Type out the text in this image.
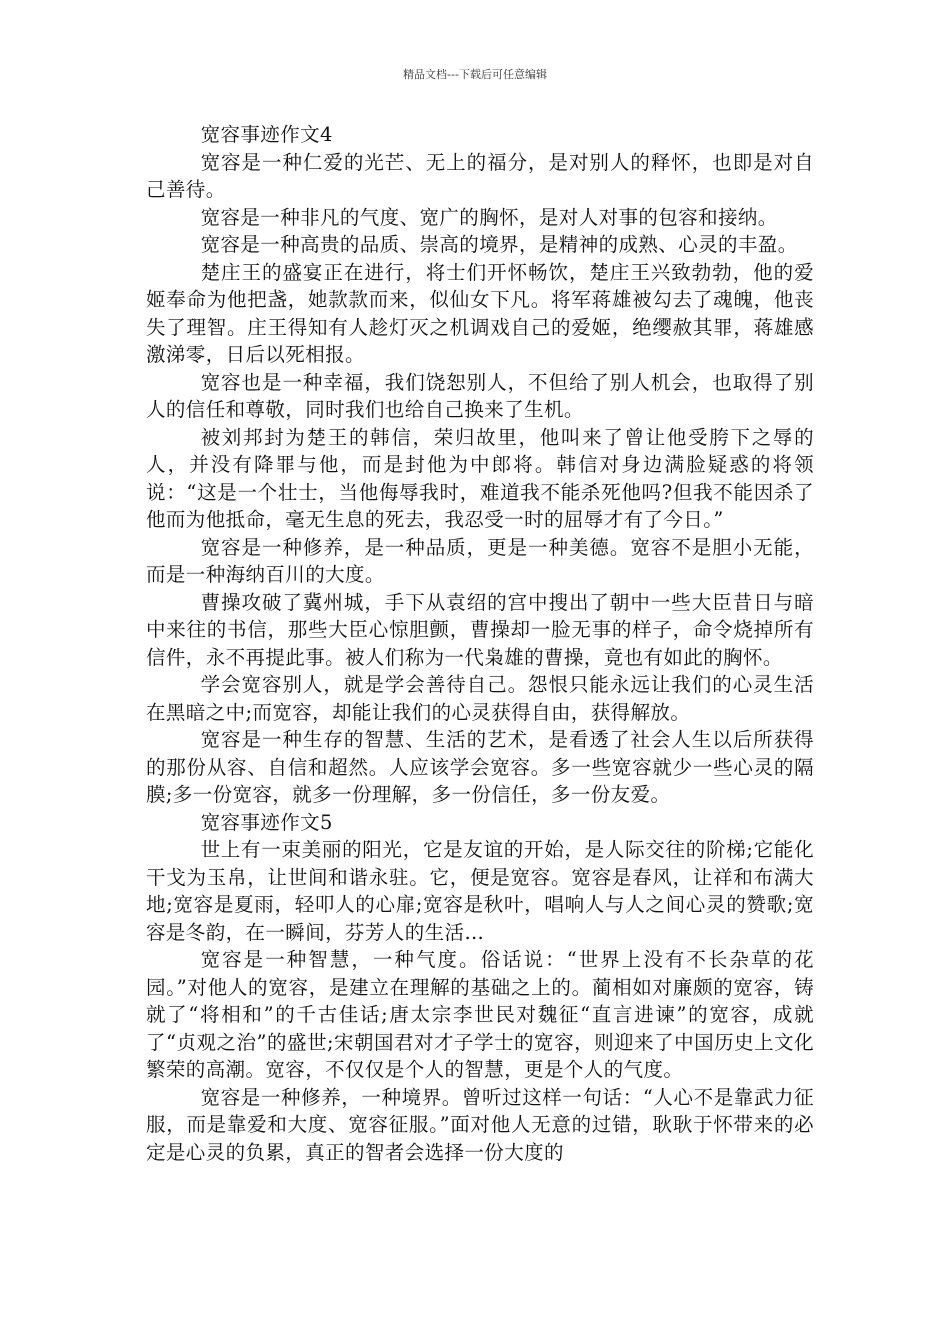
精品文档---下载后可任意编辑

宽容事迹作文4

宽容是一种仁爱的光芒、无上的福分，是对别人的释怀，也即是对自己善待。

宽容是一种非凡的气度、宽广的胸怀，是对人对事的包容和接纳。

宽容是一种高贵的品质、崇高的境界，是精神的成熟、心灵的丰盈。

楚庄王的盛宴正在进行，将士们开怀畅饮，楚庄王兴致勃勃，他的爱姬奉命为他把盏，她款款而来，似仙女下凡。将军蒋雄被勾去了魂魄，他丧失了理智。庄王得知有人趁灯灭之机调戏自己的爱姬，绝缨赦其罪，蒋雄感激涕零，日后以死相报。

宽容也是一种幸福，我们饶恕别人，不但给了别人机会，也取得了别人的信任和尊敬，同时我们也给自己换来了生机。

被刘邦封为楚王的韩信，荣归故里，他叫来了曾让他受胯下之辱的人，并没有降罪与他，而是封他为中郎将。韩信对身边满脸疑惑的将领说：“这是一个壮士，当他侮辱我时，难道我不能杀死他吗?但我不能因杀了他而为他抵命，毫无生息的死去，我忍受一时的屈辱才有了今日。”

宽容是一种修养，是一种品质，更是一种美德。宽容不是胆小无能，而是一种海纳百川的大度。

曹操攻破了冀州城，手下从袁绍的宫中搜出了朝中一些大臣昔日与暗中来往的书信，那些大臣心惊胆颤，曹操却一脸无事的样子，命令烧掉所有信件，永不再提此事。被人们称为一代枭雄的曹操，竟也有如此的胸怀。

学会宽容别人，就是学会善待自己。怨恨只能永远让我们的心灵生活在黑暗之中;而宽容，却能让我们的心灵获得自由，获得解放。

宽容是一种生存的智慧、生活的艺术，是看透了社会人生以后所获得的那份从容、自信和超然。人应该学会宽容。多一些宽容就少一些心灵的隔膜;多一份宽容，就多一份理解，多一份信任，多一份友爱。

宽容事迹作文5

世上有一束美丽的阳光，它是友谊的开始，是人际交往的阶梯;它能化干戈为玉帛，让世间和谐永驻。它，便是宽容。宽容是春风，让祥和布满大地;宽容是夏雨，轻叩人的心扉;宽容是秋叶，唱响人与人之间心灵的赞歌;宽容是冬韵，在一瞬间，芬芳人的生活…

宽容是一种智慧，一种气度。俗话说：“世界上没有不长杂草的花园。”对他人的宽容，是建立在理解的基础之上的。蔺相如对廉颇的宽容，铸就了“将相和”的千古佳话;唐太宗李世民对魏征“直言进谏”的宽容，成就了“贞观之治”的盛世;宋朝国君对才子学士的宽容，则迎来了中国历史上文化繁荣的高潮。宽容，不仅仅是个人的智慧，更是个人的气度。

宽容是一种修养，一种境界。曾听过这样一句话：“人心不是靠武力征服，而是靠爱和大度、宽容征服。”面对他人无意的过错，耿耿于怀带来的必定是心灵的负累，真正的智者会选择一份大度的
